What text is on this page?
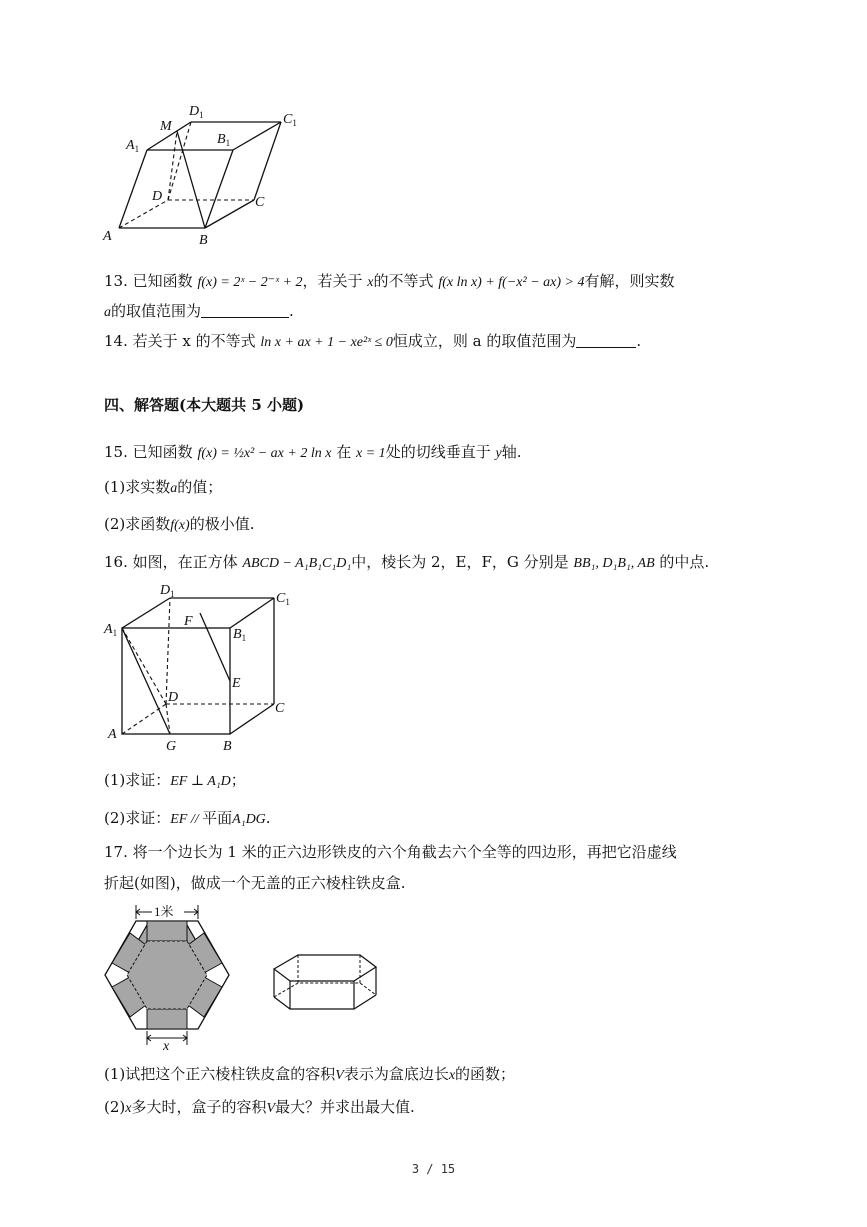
A	B
C
D
M
$A_1$
$B_1$
$C_1$
$D_1$
13. 已知函数 f(x) = 2ˣ − 2⁻ˣ + 2，若关于 x的不等式 f(x ln x) + f(−x² − ax) > 4有解，则实数
a的取值范围为	.
14. 若关于 x 的不等式 ln x + ax + 1 − xe²ˣ ≤ 0恒成立，则 a 的取值范围为	.
四、解答题(本大题共 5 小题)
15. 已知函数 f(x) = ½x² − ax + 2 ln x 在 x = 1处的切线垂直于 y轴.
(1)求实数a的值；
(2)求函数f(x)的极小值.
16. 如图，在正方体 ABCD − A₁B₁C₁D₁中，棱长为 2，E，F，G 分别是 BB₁, D₁B₁, AB 的中点.
A
G	B
C
D
E
F
$A_1$	$B_1$
$C_1$
$D_1$
(1)求证：EF ⊥ A₁D；
(2)求证：EF // 平面A₁DG.
17. 将一个边长为 1 米的正六边形铁皮的六个角截去六个全等的四边形，再把它沿虚线
折起(如图)，做成一个无盖的正六棱柱铁皮盒.
1米
x
(1)试把这个正六棱柱铁皮盒的容积V表示为盒底边长x的函数；
(2)x多大时，盒子的容积V最大？并求出最大值.
3 / 15
